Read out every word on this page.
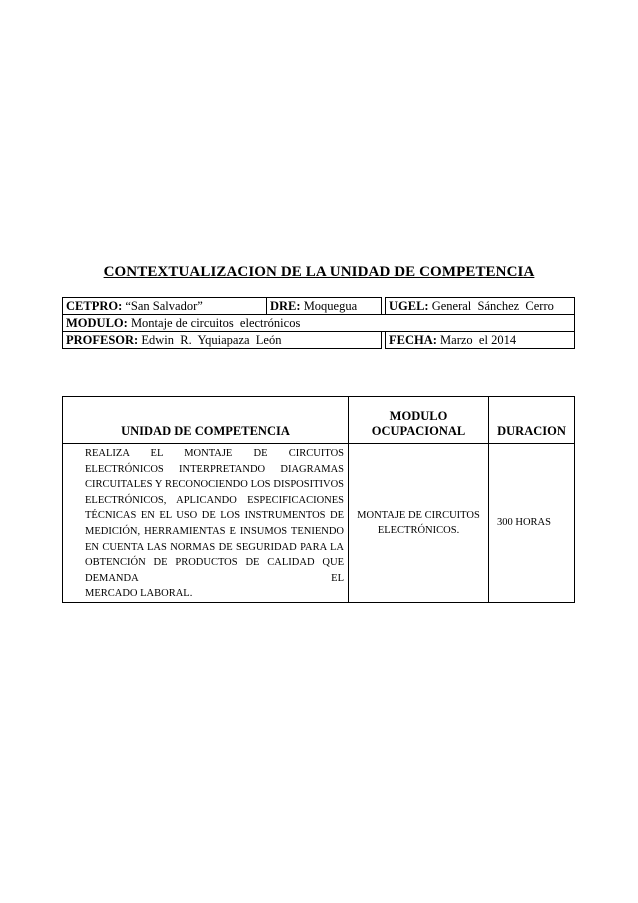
CONTEXTUALIZACION DE LA UNIDAD DE COMPETENCIA
CETPRO: “San Salvador”	DRE: Moquegua		UGEL: General  Sánchez  Cerro
MODULO: Montaje de circuitos  electrónicos			
PROFESOR: Edwin  R.  Yquiapaza  León			FECHA: Marzo  el 2014
UNIDAD DE COMPETENCIA	MODULO OCUPACIONAL	DURACION
REALIZA EL MONTAJE DE CIRCUITOS ELECTRÓNICOS INTERPRETANDO DIAGRAMAS CIRCUITALES Y RECONOCIENDO LOS DISPOSITIVOS ELECTRÓNICOS, APLICANDO ESPECIFICACIONES TÉCNICAS EN EL USO DE LOS INSTRUMENTOS DE MEDICIÓN, HERRAMIENTAS E INSUMOS TENIENDO EN CUENTA LAS NORMAS DE SEGURIDAD PARA LA OBTENCIÓN DE PRODUCTOS DE CALIDAD QUE DEMANDA EL
MERCADO LABORAL.	MONTAJE DE CIRCUITOS ELECTRÓNICOS.	300 HORAS
